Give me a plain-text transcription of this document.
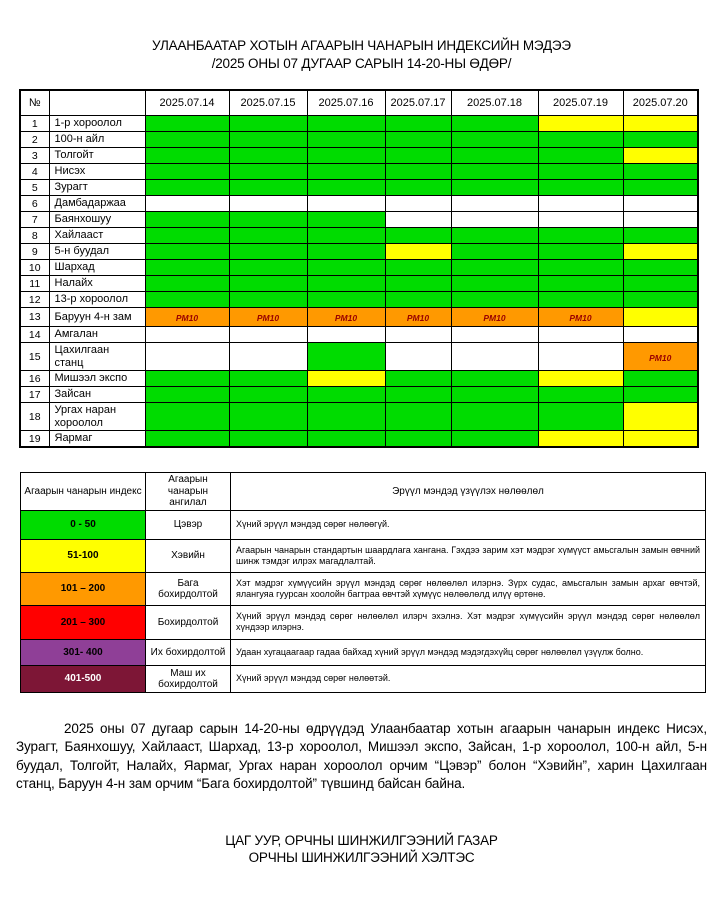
УЛААНБААТАР ХОТЫН АГААРЫН ЧАНАРЫН ИНДЕКСИЙН МЭДЭЭ
/2025 ОНЫ 07 ДУГААР САРЫН 14-20-НЫ ӨДӨР/
№		2025.07.14	2025.07.15	2025.07.16	2025.07.17	2025.07.18	2025.07.19	2025.07.20
1	1-р хороолол							
2	100-н айл							
3	Толгойт							
4	Нисэх							
5	Зурагт							
6	Дамбадаржаа							
7	Баянхошуу							
8	Хайлааст							
9	5-н буудал							
10	Шархад							
11	Налайх							
12	13-р хороолол							
13	Баруун 4-н зам	PM10	PM10	PM10	PM10	PM10	PM10	
14	Амгалан							
15	Цахилгаан станц							PM10
16	Мишээл экспо							
17	Зайсан							
18	Ургах наран хороолол							
19	Яармаг							
Агаарын чанарын индекс	Агаарын чанарын ангилал	Эрүүл мэндэд үзүүлэх нөлөөлөл
0 - 50	Цэвэр	Хүний эрүүл мэндэд сөрөг нөлөөгүй.
51-100	Хэвийн	Агаарын чанарын стандартын шаардлага хангана. Гэхдээ зарим хэт мэдрэг хүмүүст амьсгалын замын өвчний шинж тэмдэг илрэх магадлалтай.
101 – 200	Бага бохирдолтой	Хэт мэдрэг хүмүүсийн эрүүл мэндэд сөрөг нөлөөлөл илэрнэ. Зүрх судас, амьсгалын замын архаг өвчтэй, ялангуяа гуурсан хоолойн багтраа өвчтэй хүмүүс нөлөөлөлд илүү өртөнө.
201 – 300	Бохирдолтой	Хүний эрүүл мэндэд сөрөг нөлөөлөл илэрч эхэлнэ. Хэт мэдрэг хүмүүсийн эрүүл мэндэд сөрөг нөлөөлөл хүндээр илэрнэ.
301- 400	Их бохирдолтой	Удаан хугацаагаар гадаа байхад хүний эрүүл мэндэд мэдэгдэхүйц сөрөг нөлөөлөл үзүүлж болно.
401-500	Маш их бохирдолтой	Хүний эрүүл мэндэд сөрөг нөлөөтэй.
2025 оны 07 дугаар сарын 14-20-ны өдрүүдэд Улаанбаатар хотын агаарын чанарын индекс Нисэх, Зурагт, Баянхошуу, Хайлааст, Шархад, 13-р хороолол, Мишээл экспо, Зайсан, 1-р хороолол, 100-н айл, 5-н буудал, Толгойт, Налайх, Яармаг, Ургах наран хороолол орчим “Цэвэр” болон “Хэвийн”, харин Цахилгаан станц, Баруун 4-н зам орчим “Бага бохирдолтой” түвшинд байсан байна.
ЦАГ УУР, ОРЧНЫ ШИНЖИЛГЭЭНИЙ ГАЗАР
ОРЧНЫ ШИНЖИЛГЭЭНИЙ ХЭЛТЭС
